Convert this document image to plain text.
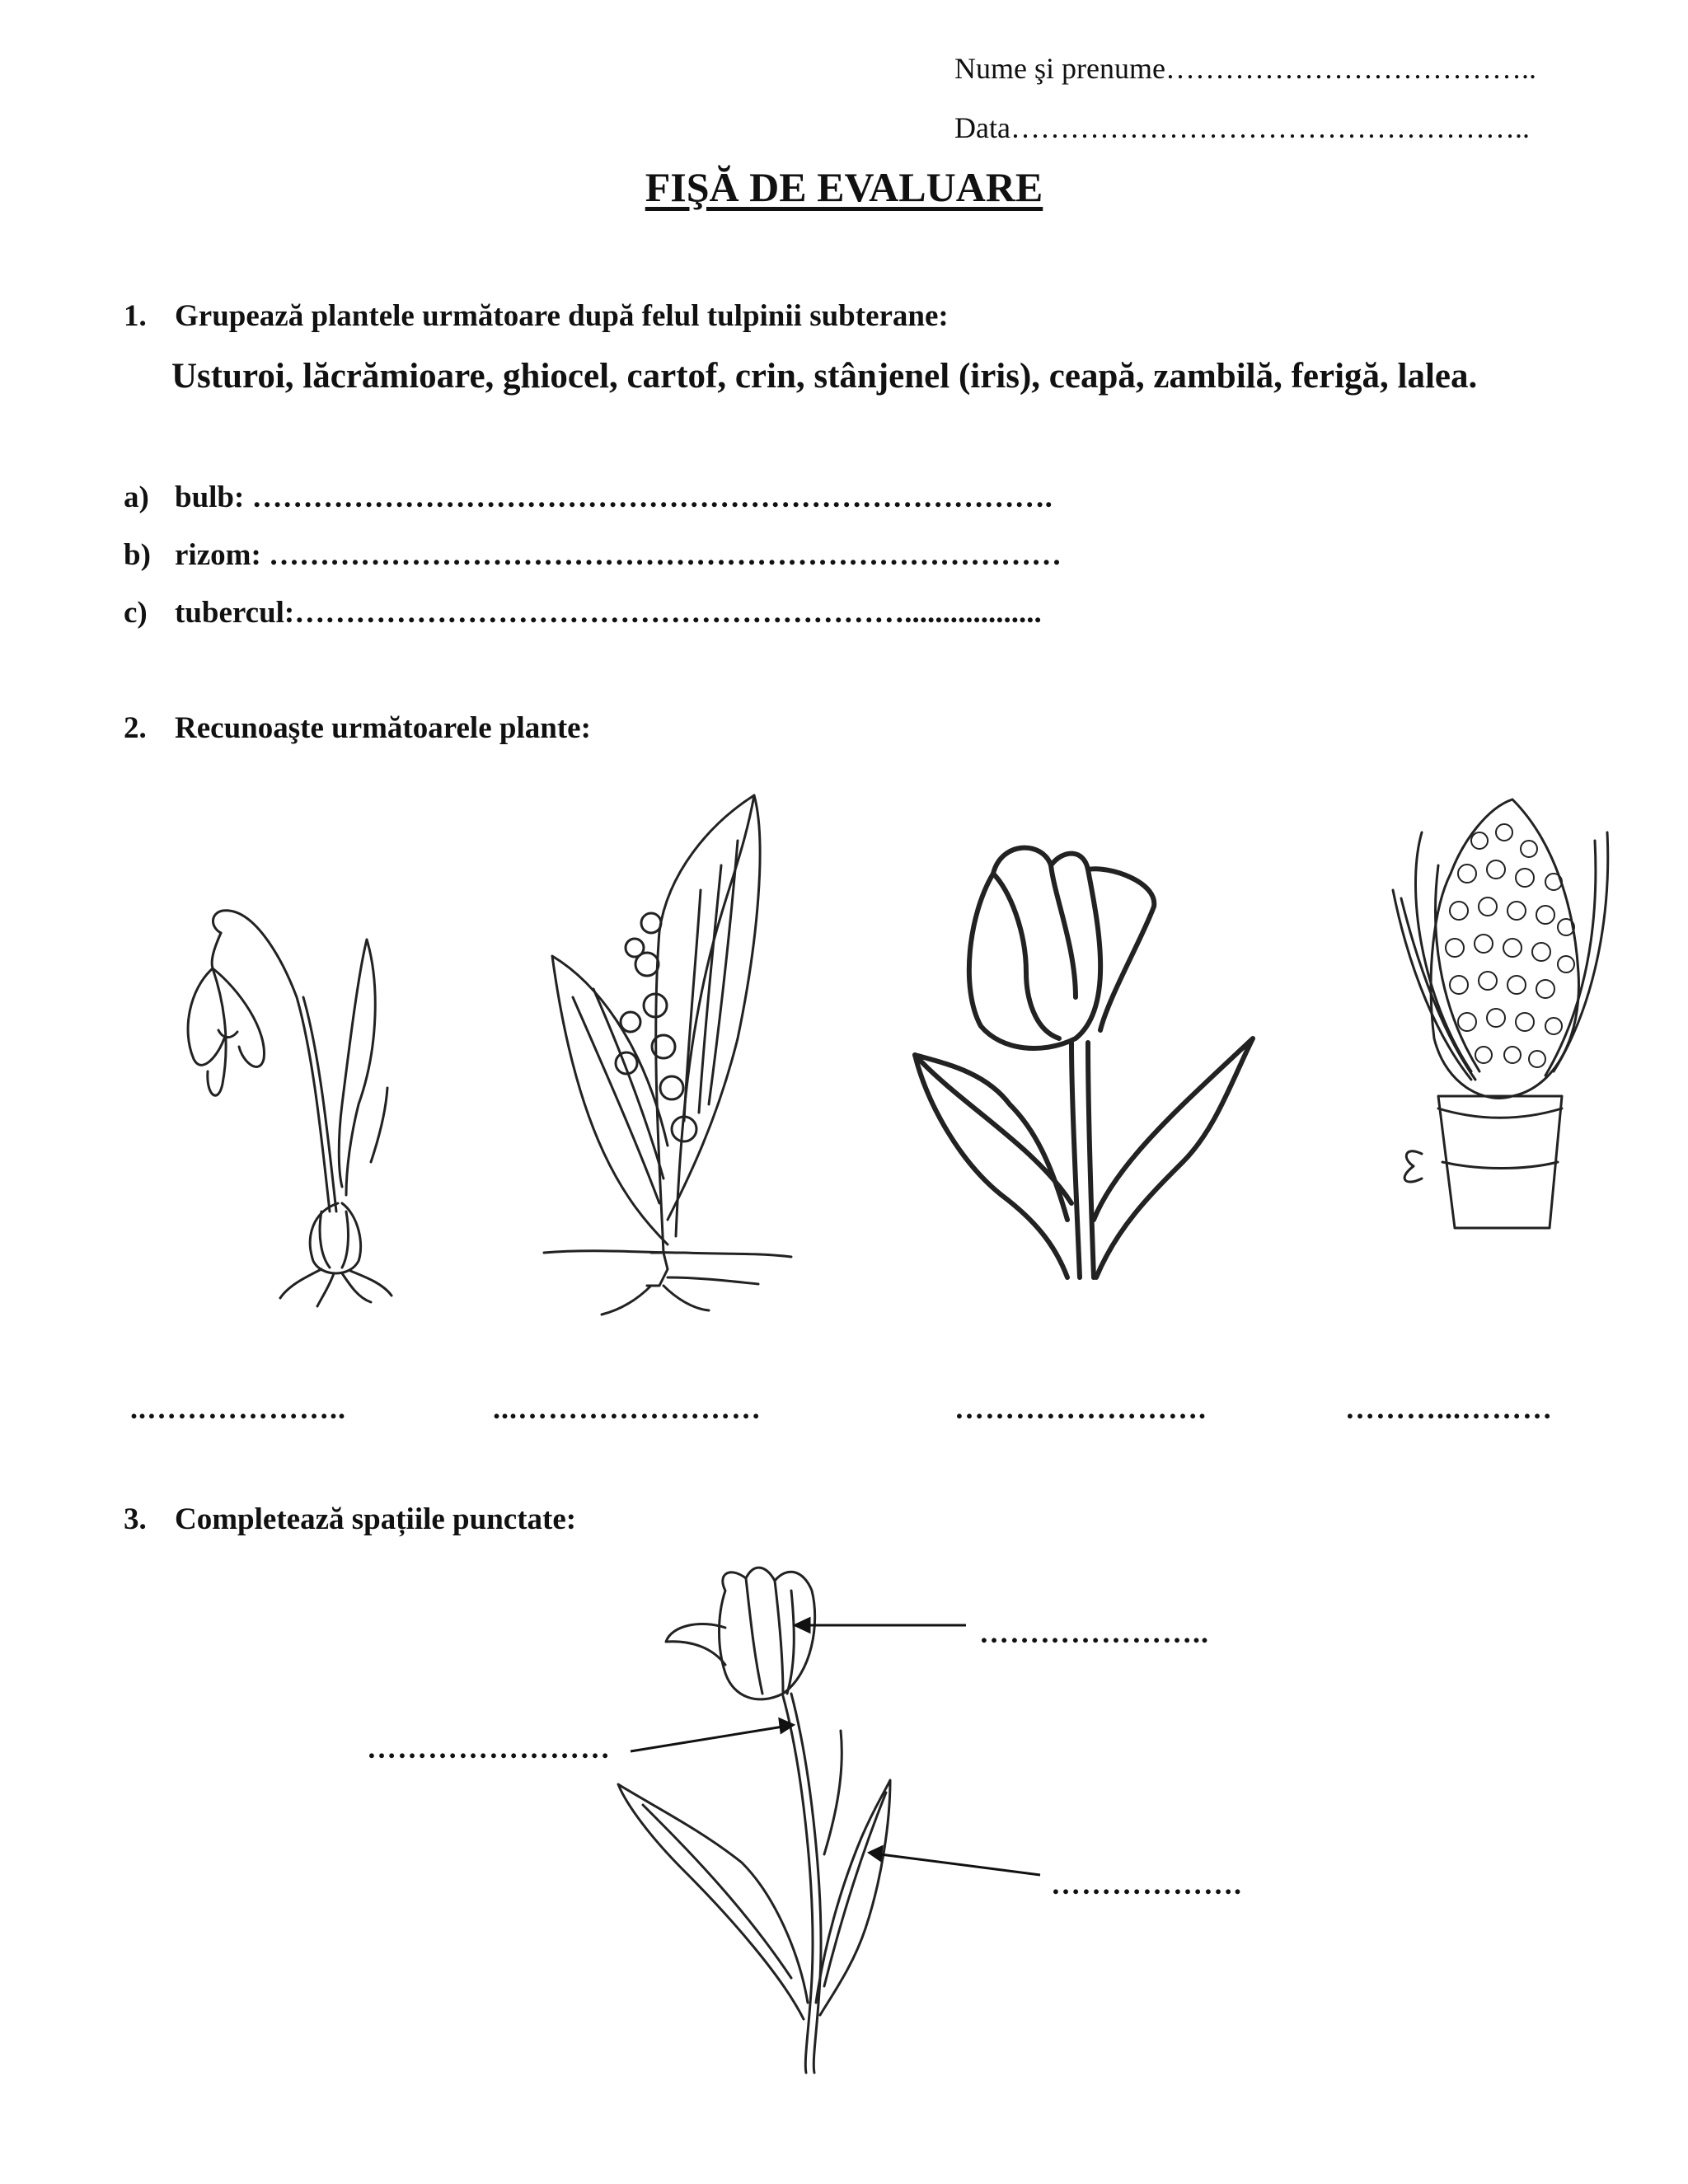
Nume şi prenume………………………………..
Data……………………………………………..
FIŞĂ DE EVALUARE
1. Grupează plantele următoare după felul tulpinii subterane:
Usturoi, lăcrămioare, ghiocel, cartof, crin, stânjenel (iris), ceapă, zambilă, ferigă, lalea.
a) bulb: …………………………………………………………………….
b) rizom: ……………………………………………………………………
c) tubercul:……………………………………………………..................
2. Recunoaşte următoarele plante:
..………………..	...……………………	…………………….	………...………
3. Completează spațiile punctate:
…………………..
……………………
……………….
